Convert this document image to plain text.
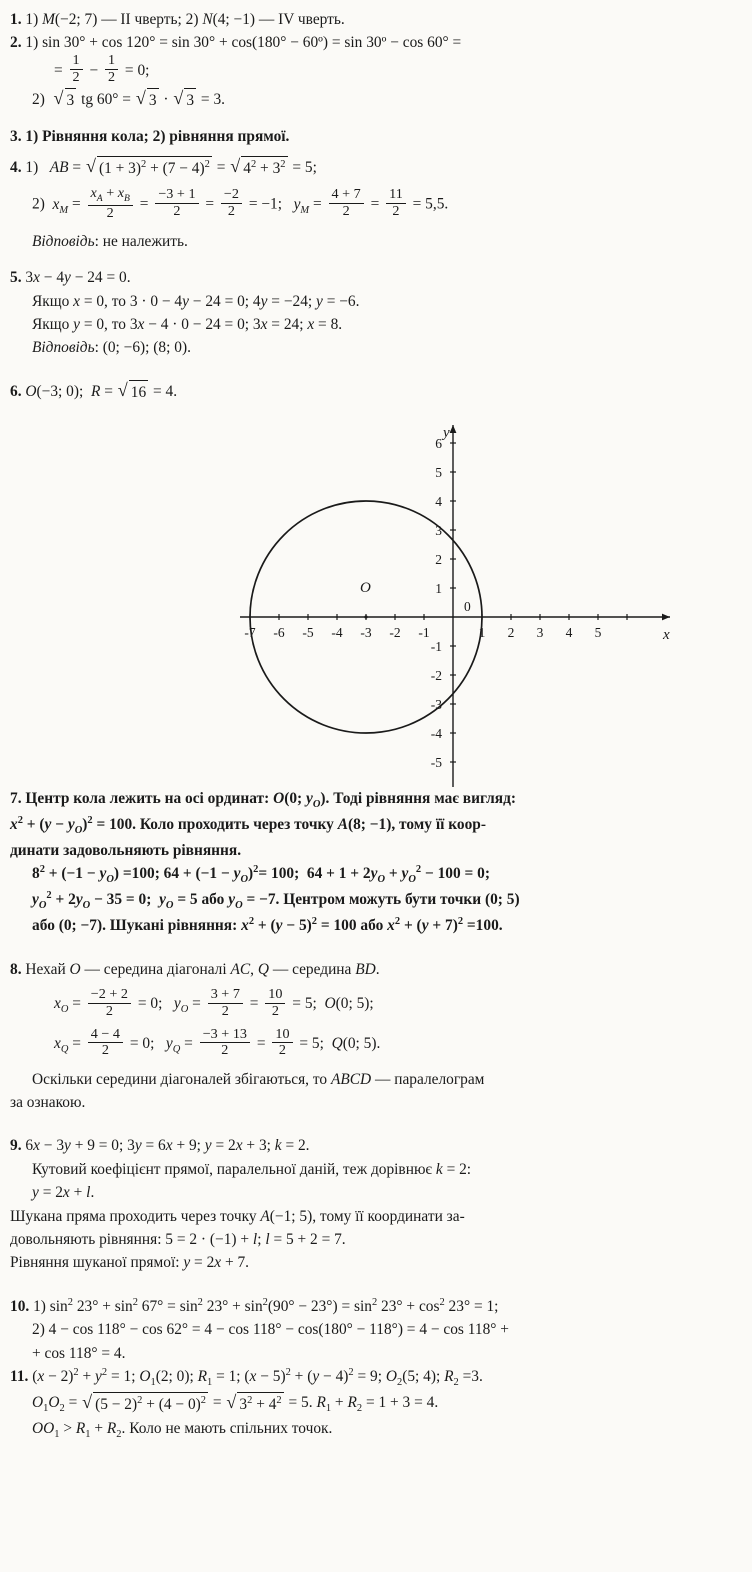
1. 1) M(−2; 7) — II чверть; 2) N(4; −1) — IV чверть.
2. 1) sin 30° + cos 120° = sin 30° + cos(180° − 60º) = sin 30º − cos 60° =
= $\frac{1}{2} - \frac{1}{2} = 0$;
2) √ 3 tg 60° = √ 3 · √ 3 = 3.
3. 1) Рівняння кола; 2) рівняння прямої.
4. 1)   AB = √ $(1 + 3)^2 + (7 - 4)^2$ = √ $4^2 + 3^2 = 5$;
2)  $x_M = \frac{x_A + x_B}{2} = \frac{-3 + 1}{2} = \frac{-2}{2} = -1$;   $y_M = \frac{4 + 7}{2} = \frac{11}{2} = 5,5$.
Відповідь: не належить.
5. 3x − 4y − 24 = 0.
Якщо x = 0, то 3 · 0 − 4y − 24 = 0; 4y = −24; y = −6.
Якщо y = 0, то 3x − 4 · 0 − 24 = 0; 3x = 24; x = 8.
Відповідь: (0; −6); (8; 0).
6. O(−3; 0);  R = √ 16 = 4.
7. Центр кола лежить на осі ординат: O(0; $y_O$). Тоді рівняння має вигляд:
$x^2 + (y - y_O)^2 = 100$. Коло проходить через точку A(8; −1), тому її коор-
динати задовольняють рівняння.
$8^2 + (-1 - y_O) =100$; $64 + (-1 - y_O)^2= 100$;  $64 + 1 + 2y_O + y_O^2 - 100 = 0$;
$y_O^2 + 2y_O - 35 = 0$;  $y_O = 5$ або $y_O = -7$. Центром можуть бути точки (0; 5)
або (0; −7). Шукані рівняння: $x^2 + (y - 5)^2 = 100$ або $x^2 + (y + 7)^2 =100$.
8. Нехай O — середина діагоналі AC, Q — середина BD.
$x_O = \frac{-2 + 2}{2} = 0$;   $y_O = \frac{3 + 7}{2} = \frac{10}{2} = 5$;  O(0; 5);
$x_Q = \frac{4 - 4}{2} = 0$;   $y_Q = \frac{-3 + 13}{2} = \frac{10}{2} = 5$;  Q(0; 5).
Оскільки середини діагоналей збігаються, то ABCD — паралелограм
за ознакою.
9. 6x − 3y + 9 = 0; 3y = 6x + 9; y = 2x + 3; k = 2.
Кутовий коефіцієнт прямої, паралельної даній, теж дорівнює k = 2:
y = 2x + l.
Шукана пряма проходить через точку A(−1; 5), тому її координати за-
довольняють рівняння: 5 = 2 · (−1) + l; l = 5 + 2 = 7.
Рівняння шуканої прямої: y = 2x + 7.
10. 1) $\sin^2 23^\circ + \sin^2 67^\circ = \sin^2 23^\circ + \sin^2(90^\circ - 23^\circ) = \sin^2 23^\circ + \cos^2 23^\circ = 1$;
2) 4 − cos 118° − cos 62° = 4 − cos 118° − cos(180° − 118°) = 4 − cos 118° +
+ cos 118° = 4.
11. $(x - 2)^2 + y^2 = 1$; $O_1(2$; 0); $R_1 = 1$; $(x - 5)^2 + (y - 4)^2 = 9$; $O_2(5$; 4); $R_2 =3$.
$O_1O_2$ = √ $(5 - 2)^2 + (4 - 0)^2$ = √ $3^2 + 4^2 = 5$. $R_1 + R_2 = 1 + 3 = 4$.
$OO_1 > R_1 + R_2$. Коло не мають спільних точок.
-7 -6 -5 -4 -3 -2 -1	1 2 3 4 5
6
5
4
3
2
1
-1
-2
-3
-4
-5
0
x
y
O
